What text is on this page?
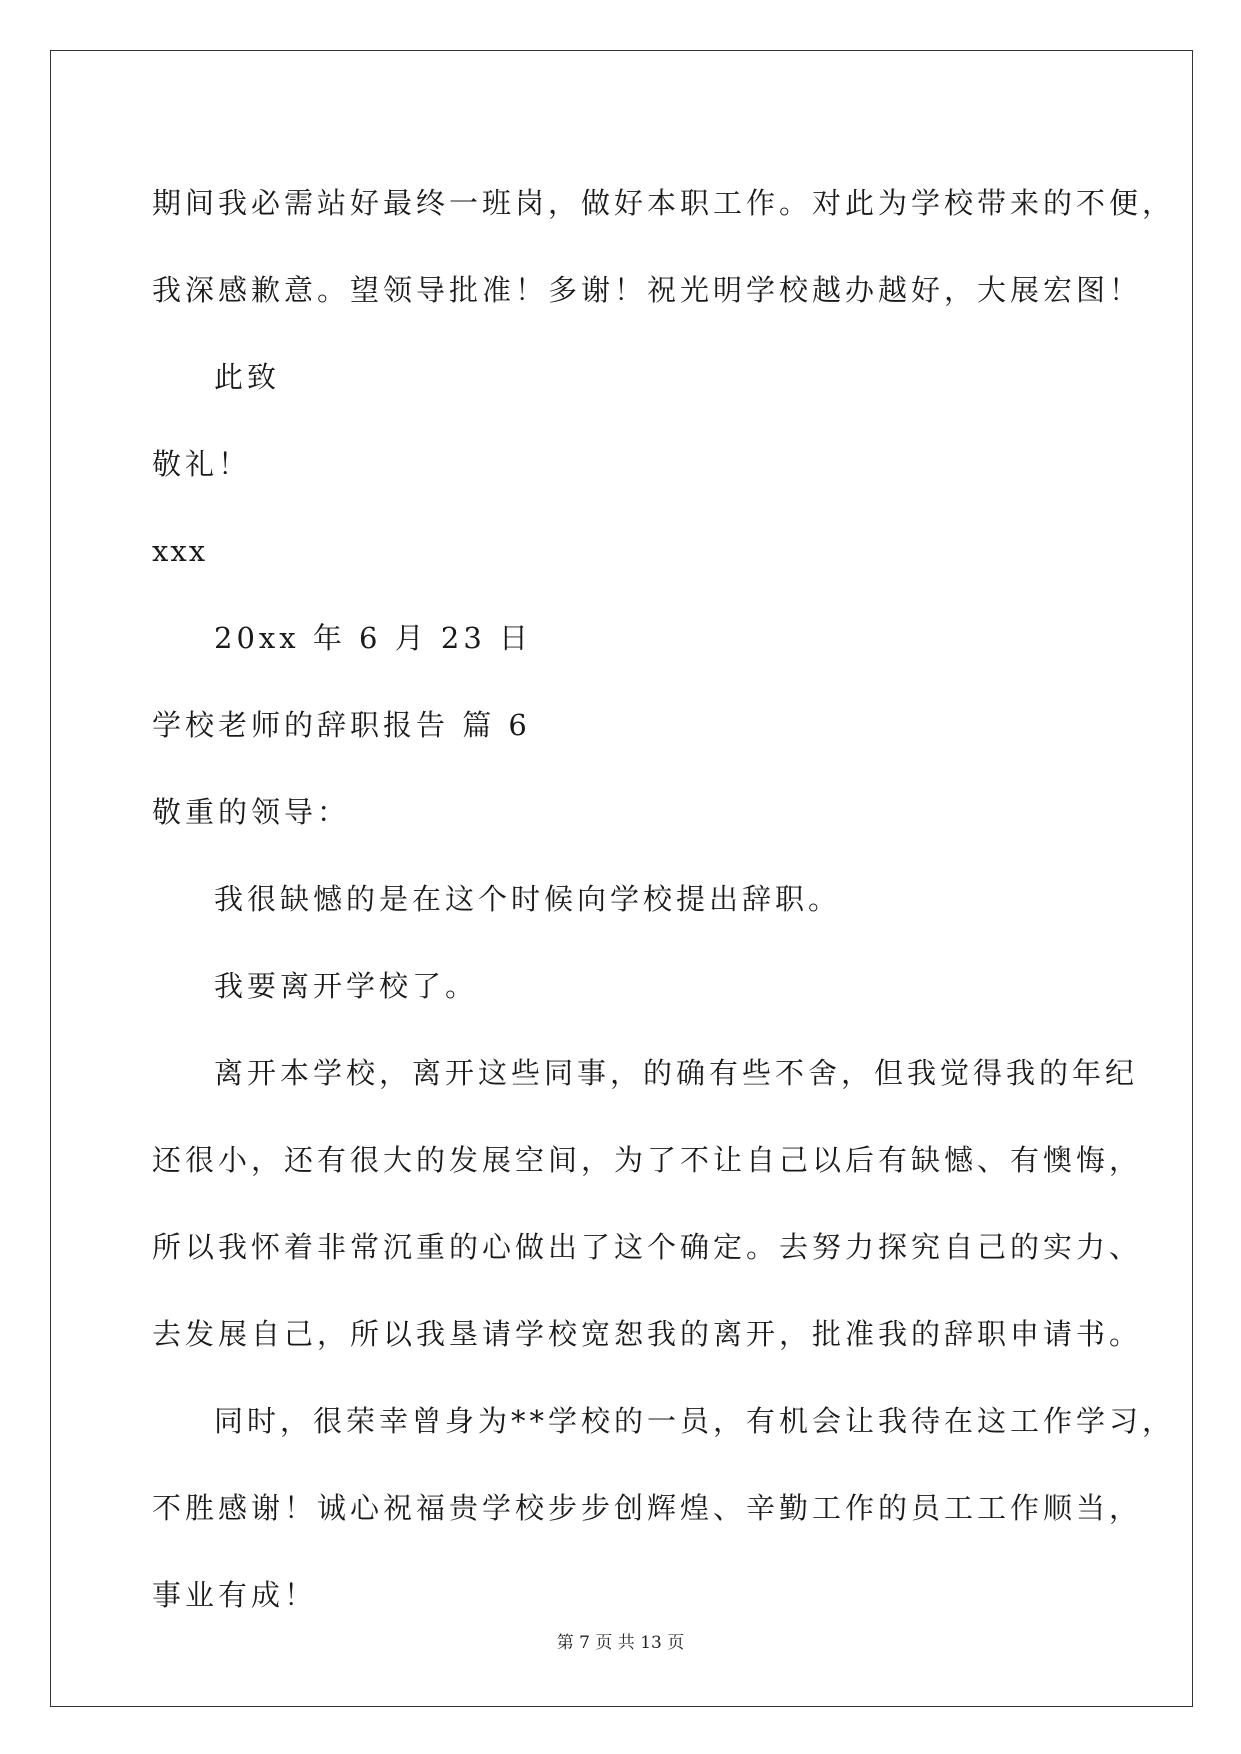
期间我必需站好最终一班岗，做好本职工作。对此为学校带来的不便，
我深感歉意。望领导批准！多谢！祝光明学校越办越好，大展宏图！
此致
敬礼！
xxx
20xx 年 6 月 23 日
学校老师的辞职报告 篇 6
敬重的领导：
我很缺憾的是在这个时候向学校提出辞职。
我要离开学校了。
离开本学校，离开这些同事，的确有些不舍，但我觉得我的年纪
还很小，还有很大的发展空间，为了不让自己以后有缺憾、有懊悔，
所以我怀着非常沉重的心做出了这个确定。去努力探究自己的实力、
去发展自己，所以我垦请学校宽恕我的离开，批准我的辞职申请书。
同时，很荣幸曾身为**学校的一员，有机会让我待在这工作学习，
不胜感谢！诚心祝福贵学校步步创辉煌、辛勤工作的员工工作顺当，
事业有成！
第 7 页 共 13 页
